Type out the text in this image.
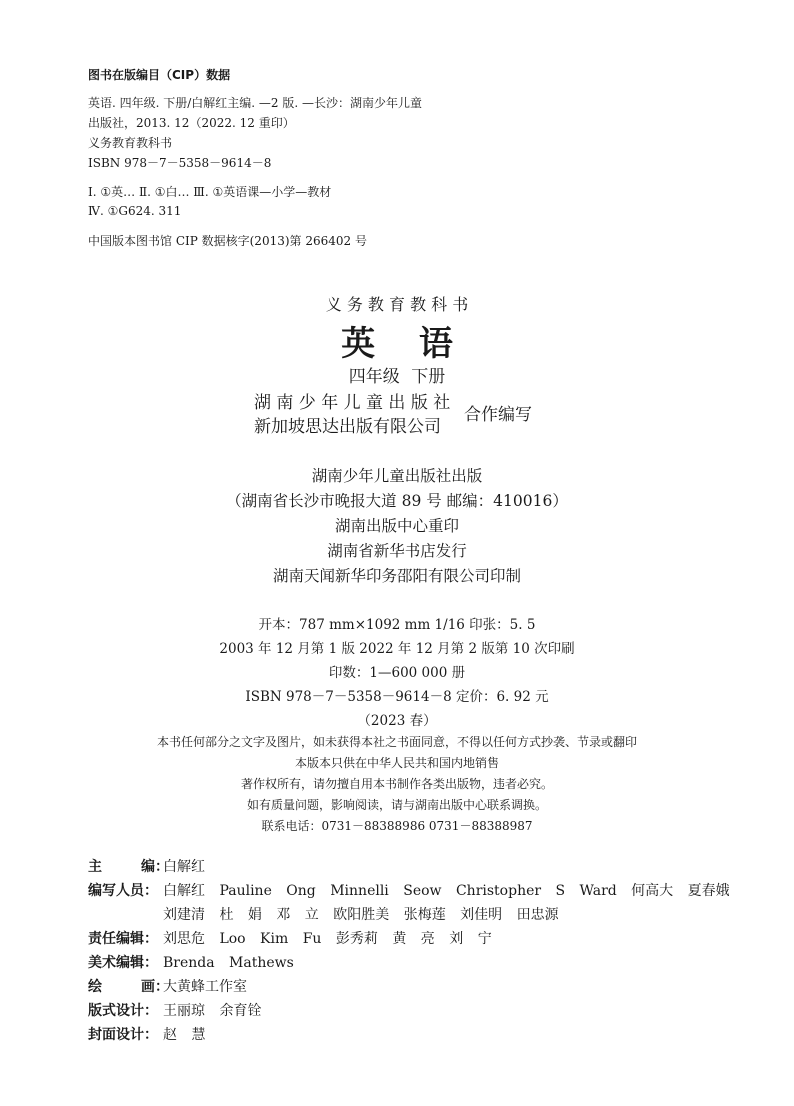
图书在版编目（CIP）数据
英语. 四年级. 下册/白解红主编. —2 版. —长沙：湖南少年儿童
出版社，2013. 12（2022. 12 重印）
义务教育教科书
ISBN 978－7－5358－9614－8
Ⅰ. ①英… Ⅱ. ①白… Ⅲ. ①英语课—小学—教材
Ⅳ. ①G624. 311
中国版本图书馆 CIP 数据核字(2013)第 266402 号
义 务 教 育 教 科 书
英 语
四年级 下册
湖 南 少 年 儿 童 出 版 社
新加坡思达出版有限公司
合作编写
湖南少年儿童出版社出版
（湖南省长沙市晚报大道 89 号 邮编：410016）
湖南出版中心重印
湖南省新华书店发行
湖南天闻新华印务邵阳有限公司印制
开本：787 mm×1092 mm 1/16 印张：5. 5
2003 年 12 月第 1 版 2022 年 12 月第 2 版第 10 次印刷
印数：1—600 000 册
ISBN 978－7－5358－9614－8 定价：6. 92 元
（2023 春）
本书任何部分之文字及图片，如未获得本社之书面同意，不得以任何方式抄袭、节录或翻印
本版本只供在中华人民共和国内地销售
著作权所有，请勿擅自用本书制作各类出版物，违者必究。
如有质量问题，影响阅读，请与湖南出版中心联系调换。
联系电话：0731－88388986 0731－88388987
主        编：白解红
编写人员： 白解红 Pauline Ong Minnelli Seow Christopher S Ward 何高大 夏春娥
刘建清 杜 娟 邓 立 欧阳胜美 张梅莲 刘佳明 田忠源
责任编辑： 刘思危 Loo Kim Fu 彭秀莉 黄 亮 刘 宁
美术编辑： Brenda Mathews
绘        画：大黄蜂工作室
版式设计： 王丽琼 余育铨
封面设计： 赵 慧
